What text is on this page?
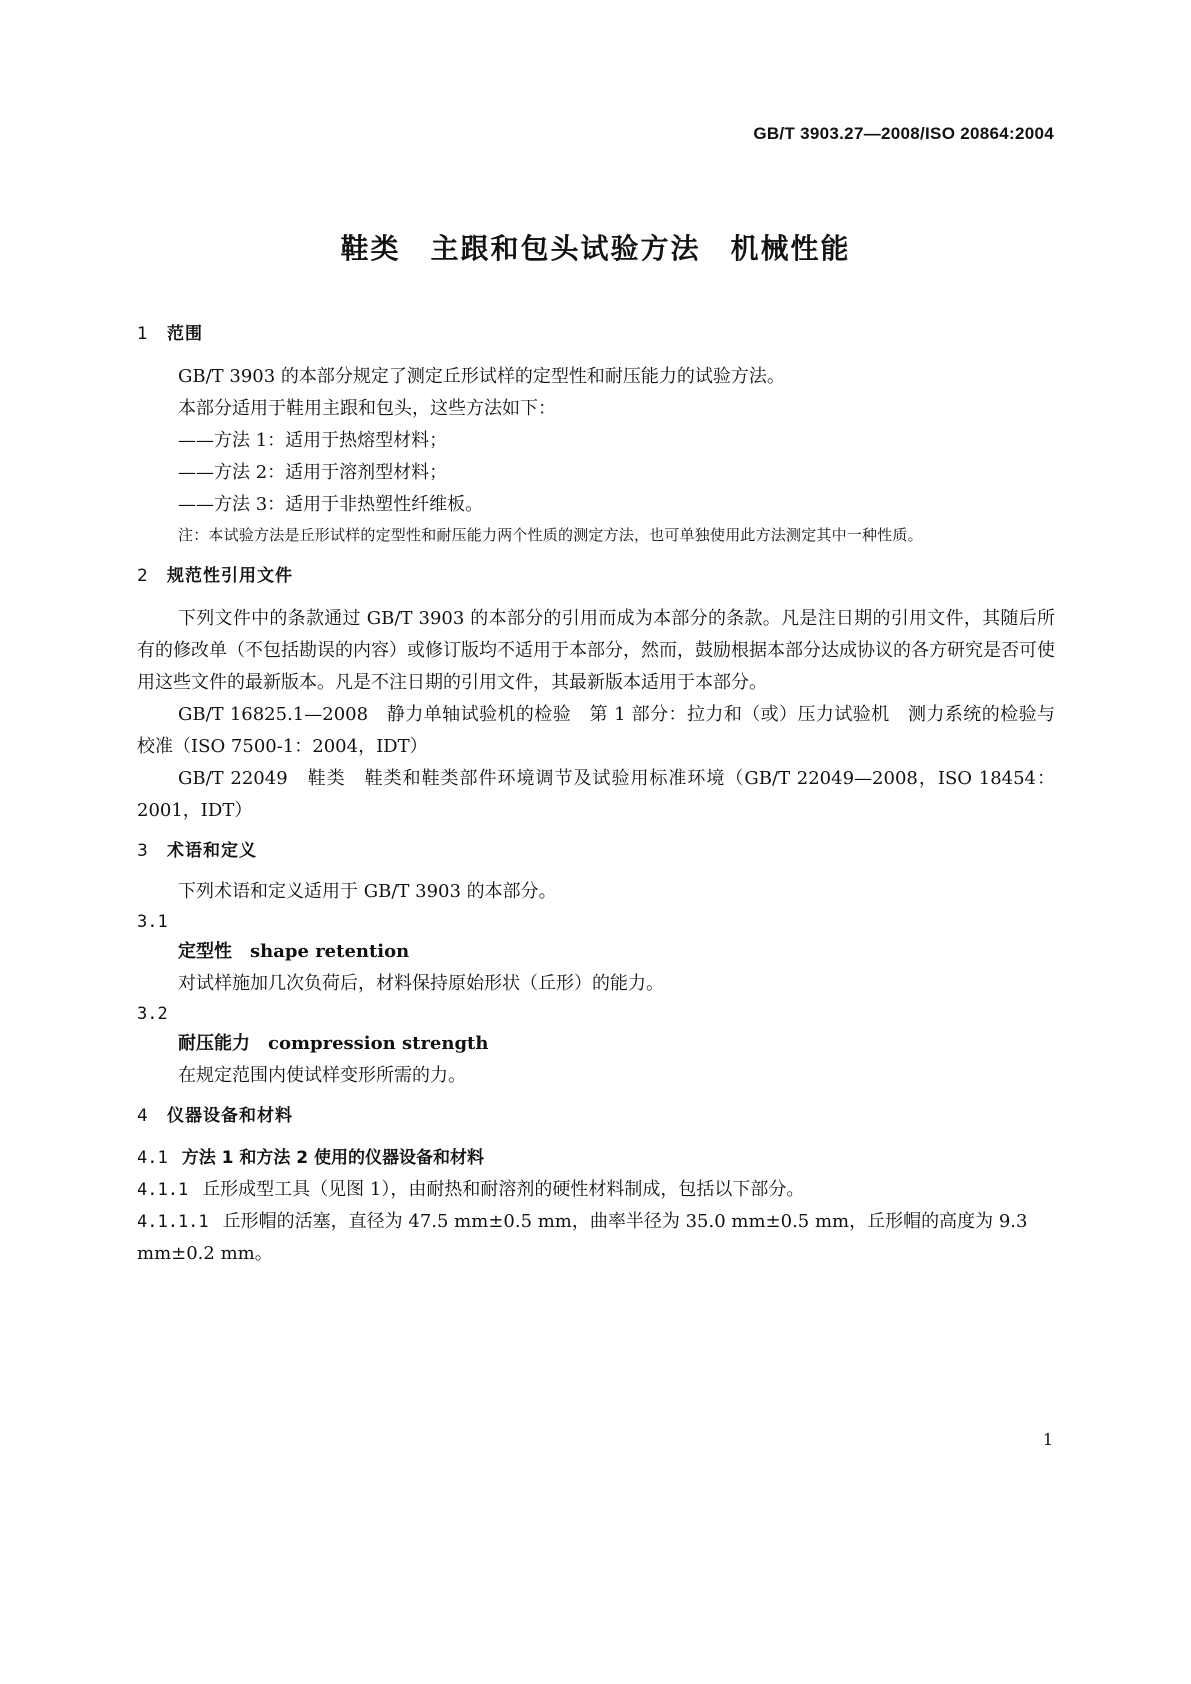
GB/T 3903.27—2008/ISO 20864:2004
鞋类　主跟和包头试验方法　机械性能
1 范围
GB/T 3903 的本部分规定了测定丘形试样的定型性和耐压能力的试验方法。
本部分适用于鞋用主跟和包头，这些方法如下：
——方法 1：适用于热熔型材料；
——方法 2：适用于溶剂型材料；
——方法 3：适用于非热塑性纤维板。
注：本试验方法是丘形试样的定型性和耐压能力两个性质的测定方法，也可单独使用此方法测定其中一种性质。
2 规范性引用文件
下列文件中的条款通过 GB/T 3903 的本部分的引用而成为本部分的条款。凡是注日期的引用文件，其随后所有的修改单（不包括勘误的内容）或修订版均不适用于本部分，然而，鼓励根据本部分达成协议的各方研究是否可使用这些文件的最新版本。凡是不注日期的引用文件，其最新版本适用于本部分。
GB/T 16825.1—2008　静力单轴试验机的检验　第 1 部分：拉力和（或）压力试验机　测力系统的检验与校准（ISO 7500-1：2004，IDT）
GB/T 22049　鞋类　鞋类和鞋类部件环境调节及试验用标准环境（GB/T 22049—2008，ISO 18454：2001，IDT）
3 术语和定义
下列术语和定义适用于 GB/T 3903 的本部分。
3.1
定型性 shape retention
对试样施加几次负荷后，材料保持原始形状（丘形）的能力。
3.2
耐压能力 compression strength
在规定范围内使试样变形所需的力。
4 仪器设备和材料
4.1 方法 1 和方法 2 使用的仪器设备和材料
4.1.1 丘形成型工具（见图 1），由耐热和耐溶剂的硬性材料制成，包括以下部分。
4.1.1.1 丘形帽的活塞，直径为 47.5 mm±0.5 mm，曲率半径为 35.0 mm±0.5 mm，丘形帽的高度为 9.3 mm±0.2 mm。
1
